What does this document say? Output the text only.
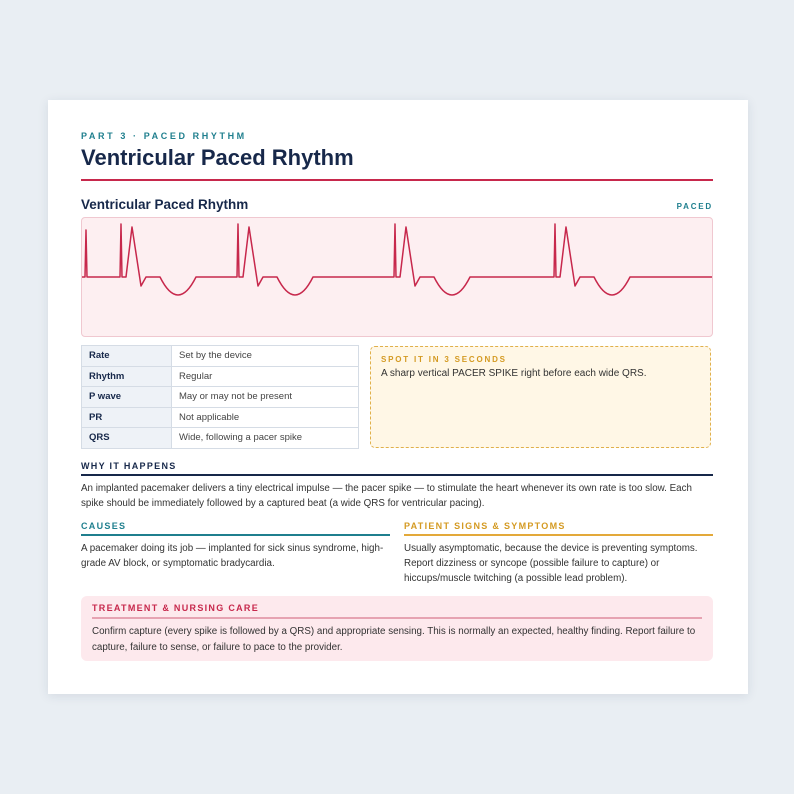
PART 3 · PACED RHYTHM
Ventricular Paced Rhythm
Ventricular Paced Rhythm	PACED
Rate	Set by the device
Rhythm	Regular
P wave	May or may not be present
PR	Not applicable
QRS	Wide, following a pacer spike
SPOT IT IN 3 SECONDS
A sharp vertical PACER SPIKE right before each wide QRS.
WHY IT HAPPENS
An implanted pacemaker delivers a tiny electrical impulse — the pacer spike — to stimulate the heart whenever its own rate is too slow. Each spike should be immediately followed by a captured beat (a wide QRS for ventricular pacing).
CAUSES
A pacemaker doing its job — implanted for sick sinus syndrome, high-grade AV block, or symptomatic bradycardia.
PATIENT SIGNS & SYMPTOMS
Usually asymptomatic, because the device is preventing symptoms. Report dizziness or syncope (possible failure to capture) or hiccups/muscle twitching (a possible lead problem).
TREATMENT & NURSING CARE
Confirm capture (every spike is followed by a QRS) and appropriate sensing. This is normally an expected, healthy finding. Report failure to capture, failure to sense, or failure to pace to the provider.
